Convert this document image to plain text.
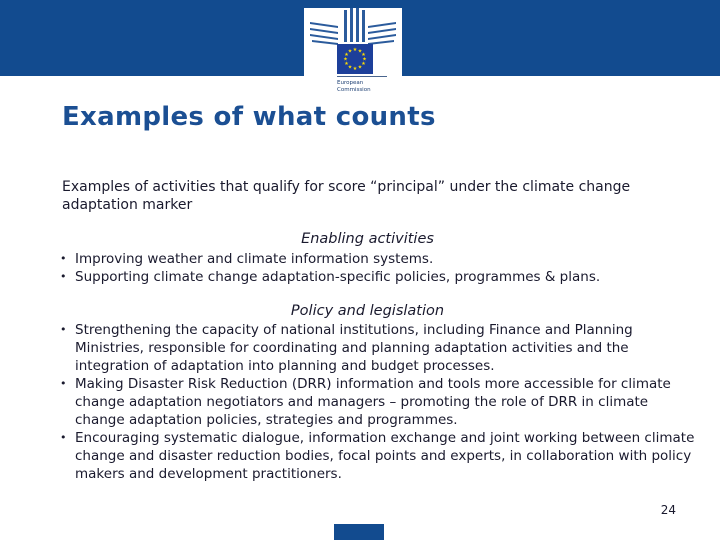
★ ★
★
★
★
★
★
★
★
★
★
★
European
Commission
Examples of what counts
Examples of activities that qualify for score “principal” under the climate change adaptation marker
Enabling activities
• Improving weather and climate information systems.
• Supporting climate change adaptation-specific policies, programmes & plans.
Policy and legislation
• Strengthening the capacity of national institutions, including Finance and Planning Ministries, responsible for coordinating and planning adaptation activities and the integration of adaptation into planning and budget processes.
• Making Disaster Risk Reduction (DRR) information and tools more accessible for climate change adaptation negotiators and managers – promoting the role of DRR in climate change adaptation policies, strategies and programmes.
• Encouraging systematic dialogue, information exchange and joint working between climate change and disaster reduction bodies, focal points and experts, in collaboration with policy makers and development practitioners.
24
